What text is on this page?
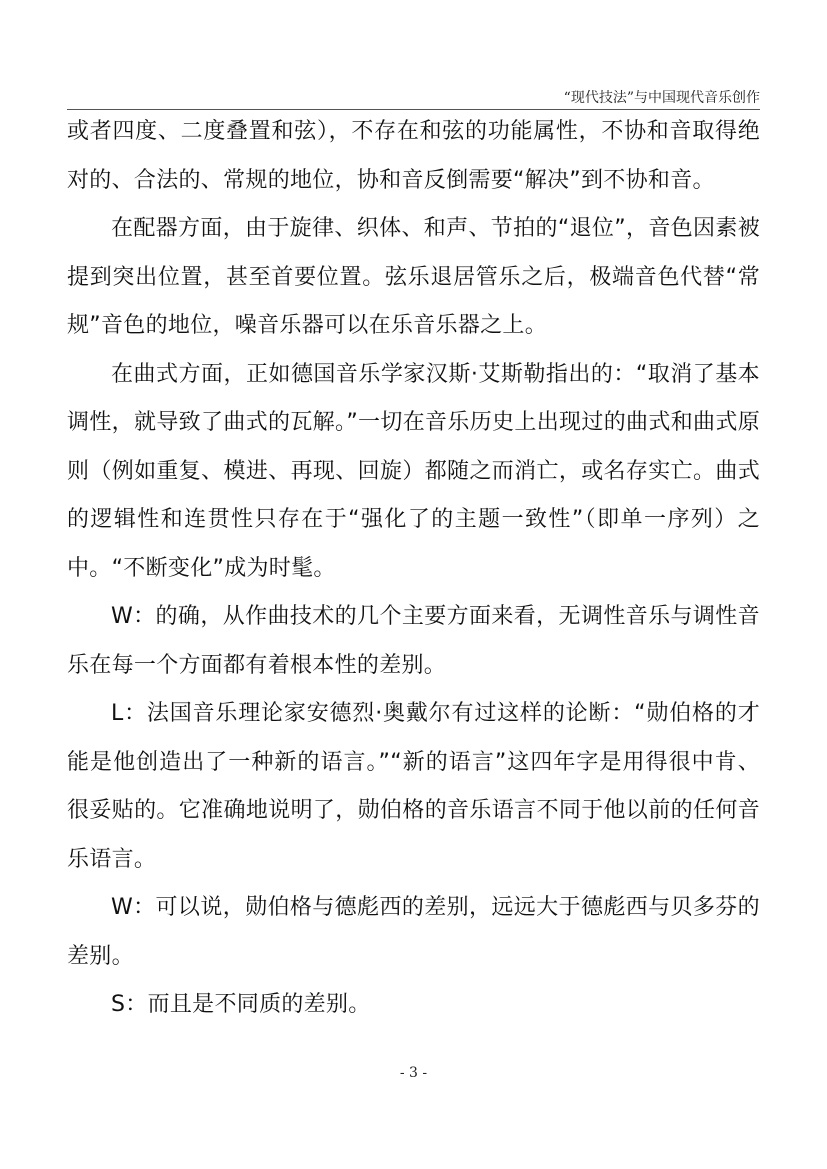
“现代技法”与中国现代音乐创作

或者四度、二度叠置和弦），不存在和弦的功能属性，不协和音取得绝对的、合法的、常规的地位，协和音反倒需要“解决”到不协和音。

在配器方面，由于旋律、织体、和声、节拍的“退位”，音色因素被提到突出位置，甚至首要位置。弦乐退居管乐之后，极端音色代替“常规”音色的地位，噪音乐器可以在乐音乐器之上。

在曲式方面，正如德国音乐学家汉斯·艾斯勒指出的：“取消了基本调性，就导致了曲式的瓦解。”一切在音乐历史上出现过的曲式和曲式原则（例如重复、模进、再现、回旋）都随之而消亡，或名存实亡。曲式的逻辑性和连贯性只存在于“强化了的主题一致性”（即单一序列）之中。“不断变化”成为时髦。

W：的确，从作曲技术的几个主要方面来看，无调性音乐与调性音乐在每一个方面都有着根本性的差别。

L：法国音乐理论家安德烈·奥戴尔有过这样的论断：“勋伯格的才能是他创造出了一种新的语言。”“新的语言”这四年字是用得很中肯、很妥贴的。它准确地说明了，勋伯格的音乐语言不同于他以前的任何音乐语言。

W：可以说，勋伯格与德彪西的差别，远远大于德彪西与贝多芬的差别。

S：而且是不同质的差别。

- 3 -
